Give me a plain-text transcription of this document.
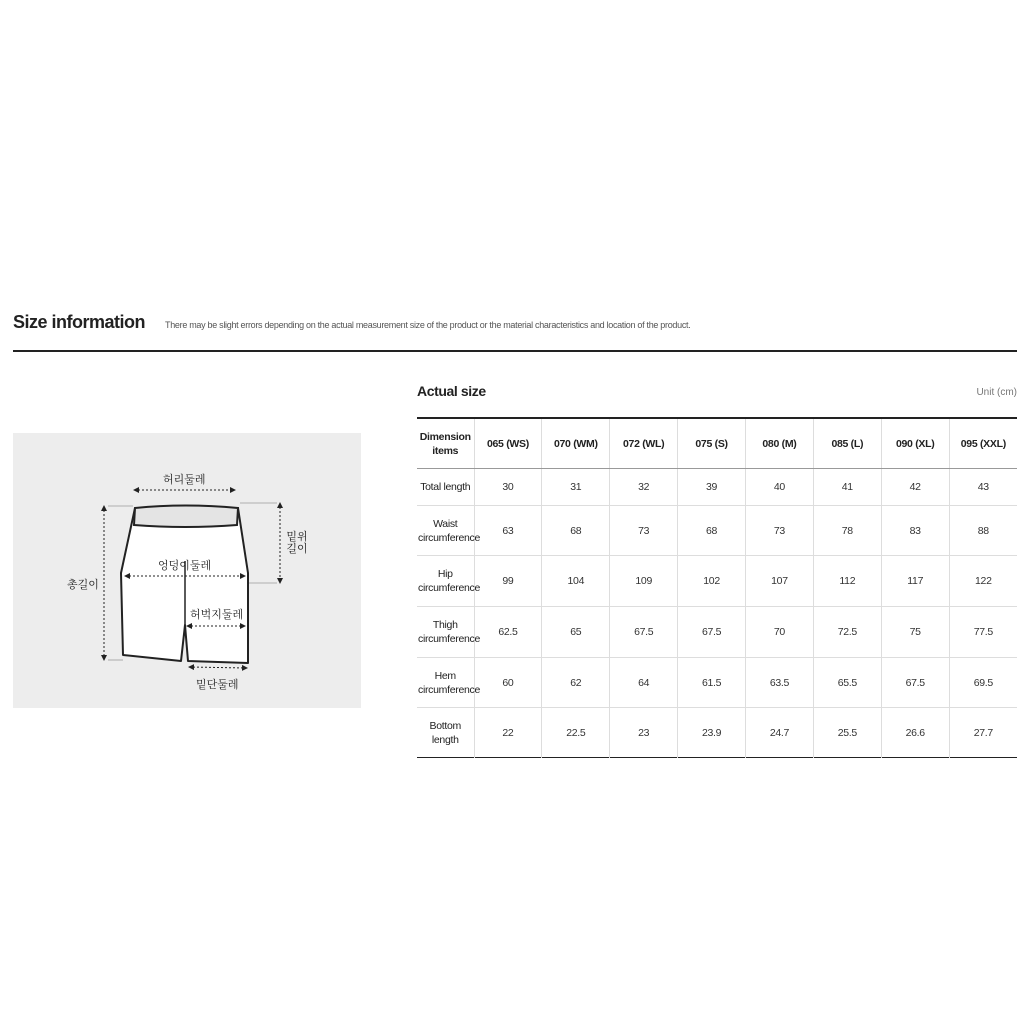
Size information There may be slight errors depending on the actual measurement size of the product or the material characteristics and location of the product.
허리둘레
밑위 길이
총길이
엉덩이둘레
허벅지둘레
밑단둘레
Actual size	Unit (cm)
Dimension items	065 (WS)	070 (WM)	072 (WL)	075 (S)	080 (M)	085 (L)	090 (XL)	095 (XXL)
Total length	30	31	32	39	40	41	42	43
Waist circumference	63	68	73	68	73	78	83	88
Hip circumference	99	104	109	102	107	112	117	122
Thigh circumference	62.5	65	67.5	67.5	70	72.5	75	77.5
Hem circumference	60	62	64	61.5	63.5	65.5	67.5	69.5
Bottom length	22	22.5	23	23.9	24.7	25.5	26.6	27.7
